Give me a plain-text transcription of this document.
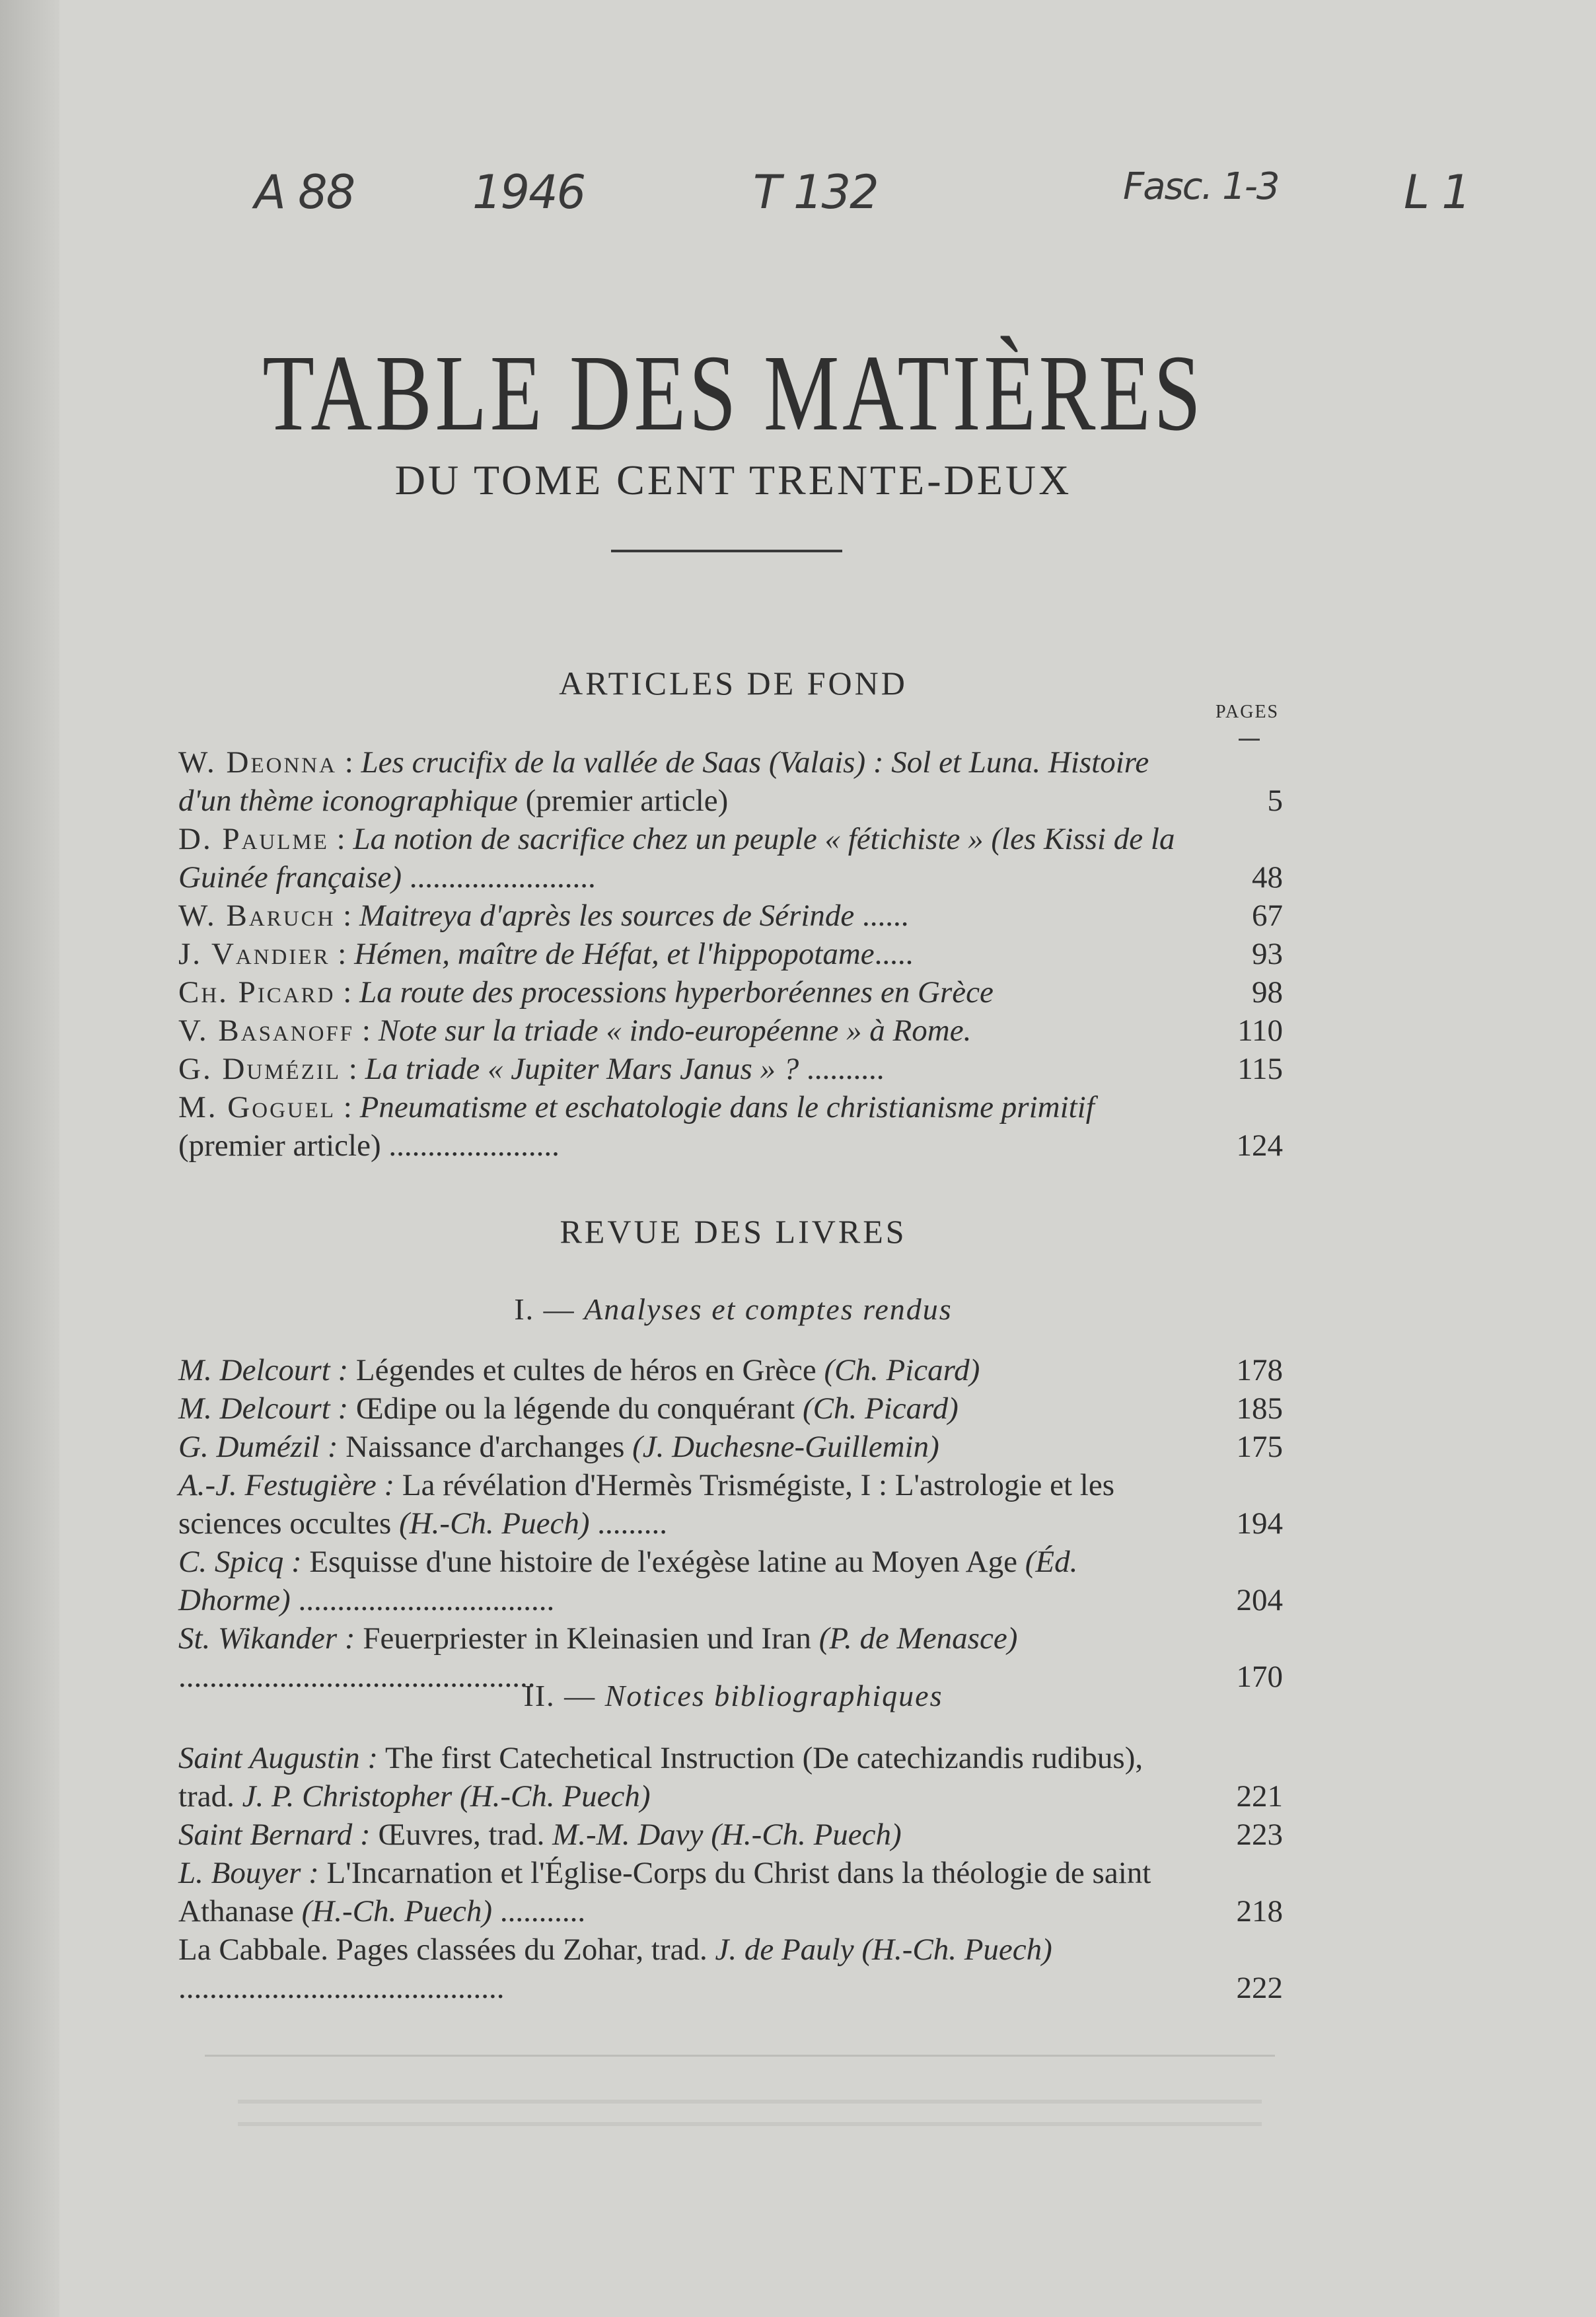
A 88	1946	T 132	Fasc. 1-3	L 1
TABLE DES MATIÈRES
DU TOME CENT TRENTE-DEUX
ARTICLES DE FOND
PAGES
W. Deonna : Les crucifix de la vallée de Saas (Valais) : Sol et Luna. Histoire d'un thème iconographique (premier article)	5
D. Paulme : La notion de sacrifice chez un peuple « fétichiste » (les Kissi de la Guinée française) ........................	48
W. Baruch : Maitreya d'après les sources de Sérinde ......	67
J. Vandier : Hémen, maître de Héfat, et l'hippopotame.....	93
Ch. Picard : La route des processions hyperboréennes en Grèce	98
V. Basanoff : Note sur la triade « indo-européenne » à Rome.	110
G. Dumézil : La triade « Jupiter Mars Janus » ? ..........	115
M. Goguel : Pneumatisme et eschatologie dans le christianisme primitif (premier article) ......................	124
REVUE DES LIVRES
I. — Analyses et comptes rendus
M. Delcourt : Légendes et cultes de héros en Grèce (Ch. Picard)	178
M. Delcourt : Œdipe ou la légende du conquérant (Ch. Picard)	185
G. Dumézil : Naissance d'archanges (J. Duchesne-Guillemin)	175
A.-J. Festugière : La révélation d'Hermès Trismégiste, I : L'astrologie et les sciences occultes (H.-Ch. Puech) .........	194
C. Spicq : Esquisse d'une histoire de l'exégèse latine au Moyen Age (Éd. Dhorme) .................................	204
St. Wikander : Feuerpriester in Kleinasien und Iran (P. de Menasce) ..............................................	170
II. — Notices bibliographiques
Saint Augustin : The first Catechetical Instruction (De catechizandis rudibus), trad. J. P. Christopher (H.-Ch. Puech)	221
Saint Bernard : Œuvres, trad. M.-M. Davy (H.-Ch. Puech)	223
L. Bouyer : L'Incarnation et l'Église-Corps du Christ dans la théologie de saint Athanase (H.-Ch. Puech) ...........	218
La Cabbale. Pages classées du Zohar, trad. J. de Pauly (H.-Ch. Puech) ..........................................	222
